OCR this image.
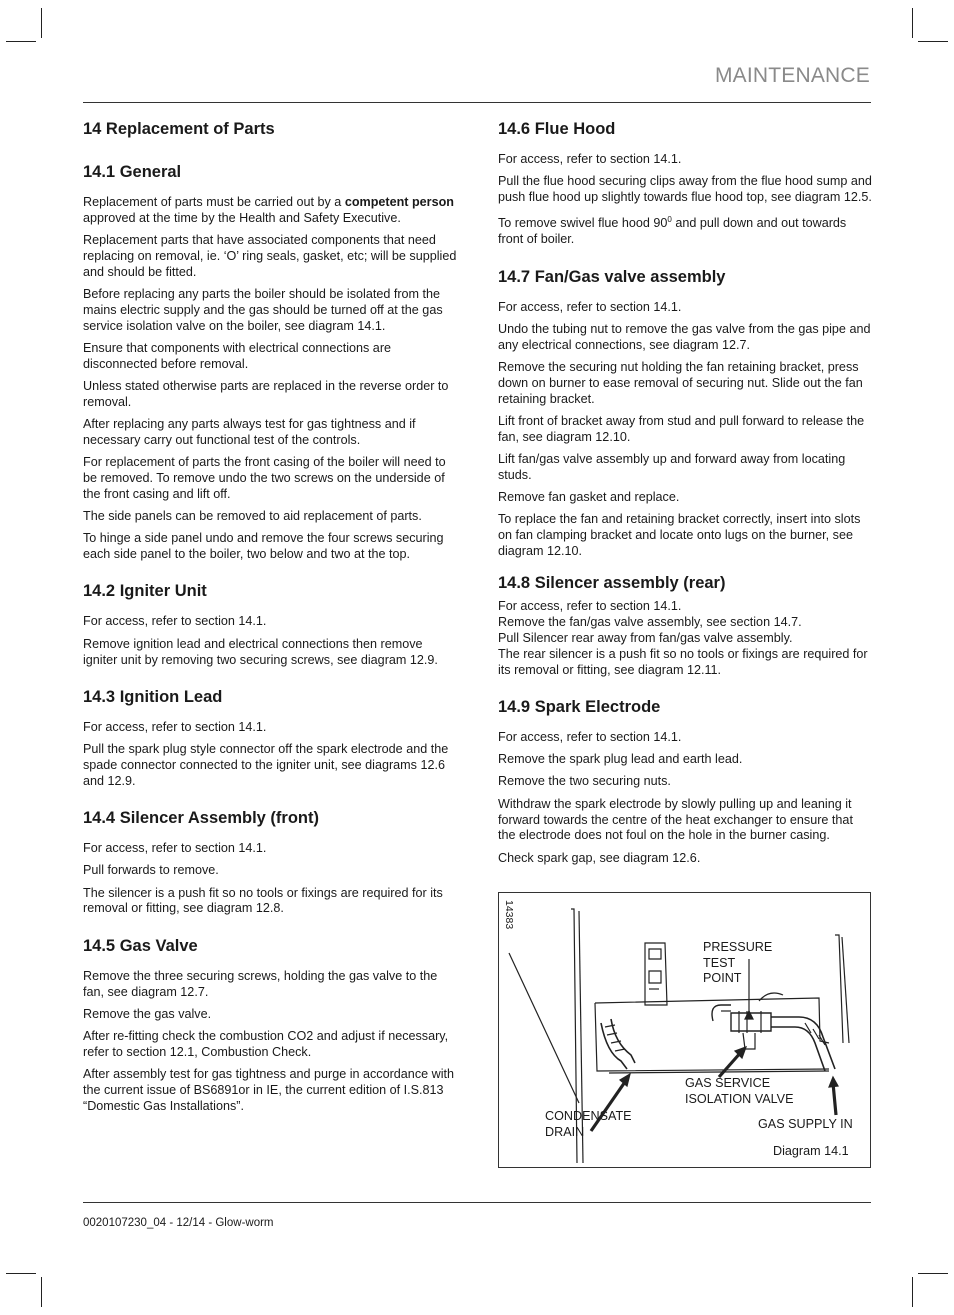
MAINTENANCE
14 Replacement of Parts
14.1 General

Replacement of parts must be carried out by a competent person approved at the time by the Health and Safety Executive.

Replacement parts that have associated components that need replacing on removal, ie. ‘O’ ring seals, gasket, etc; will be supplied and should be fitted.

Before replacing any parts the boiler should be isolated from the mains electric supply and the gas should be turned off at the gas service isolation valve on the boiler, see diagram 14.1.

Ensure that components with electrical connections are disconnected before removal.

Unless stated otherwise parts are replaced in the reverse order to removal.

After replacing any parts always test for gas tightness and if necessary carry out functional test of the controls.

For replacement of parts the front casing of the boiler will need to be removed. To remove undo the two screws on the underside of the front casing and lift off.

The side panels can be removed to aid replacement of parts.

To hinge a side panel undo and remove the four screws securing each side panel to the boiler, two below and two at the top.

14.2 Igniter Unit

For access, refer to section 14.1.

Remove ignition lead and electrical connections then remove igniter unit by removing two securing screws, see diagram 12.9.

14.3 Ignition Lead

For access, refer to section 14.1.

Pull the spark plug style connector off the spark electrode and the spade connector connected to the igniter unit, see diagrams 12.6 and 12.9.

14.4 Silencer Assembly (front)

For access, refer to section 14.1.

Pull forwards to remove.

The silencer is a push fit so no tools or fixings are required for its removal or fitting, see diagram 12.8.

14.5 Gas Valve

Remove the three securing screws, holding the gas valve to the fan, see diagram 12.7.

Remove the gas valve.

After re-fitting check the combustion CO2 and adjust if necessary, refer to section 12.1, Combustion Check.

After assembly test for gas tightness and purge in accordance with the current issue of BS6891or in IE, the current edition of I.S.813 “Domestic Gas Installations”.

14.6 Flue Hood

For access, refer to section 14.1.

Pull the flue hood securing clips away from the flue hood sump and push flue hood up slightly towards flue hood top, see diagram 12.5.

To remove swivel flue hood $90^0$ and pull down and out towards front of boiler.

14.7 Fan/Gas valve assembly

For access, refer to section 14.1.

Undo the tubing nut to remove the gas valve from the gas pipe and any electrical connections, see diagram 12.7.

Remove the securing nut holding the fan retaining bracket, press down on burner to ease removal of securing nut. Slide out the fan retaining bracket.

Lift front of bracket away from stud and pull forward to release the fan, see diagram 12.10.

Lift fan/gas valve assembly up and forward away from locating studs.

Remove fan gasket and replace.

To replace the fan and retaining bracket correctly, insert into slots on fan clamping bracket and locate onto lugs on the burner, see diagram 12.10.

14.8 Silencer assembly (rear)

For access, refer to section 14.1.

Remove the fan/gas valve assembly, see section 14.7.

Pull Silencer rear away from fan/gas valve assembly.

The rear silencer is a push fit so no tools or fixings are required for its removal or fitting, see diagram 12.11.

14.9 Spark Electrode

For access, refer to section 14.1.

Remove the spark plug lead and earth lead.

Remove the two securing nuts.

Withdraw the spark electrode by slowly pulling up and leaning it forward towards the centre of the heat exchanger to ensure that the electrode does not foul on the hole in the burner casing.

Check spark gap, see diagram 12.6.

14383
PRESSURE
TEST
POINT
GAS SERVICE
ISOLATION VALVE
CONDENSATE
DRAIN
GAS SUPPLY IN
Diagram 14.1
0020107230_04 - 12/14 - Glow-worm
